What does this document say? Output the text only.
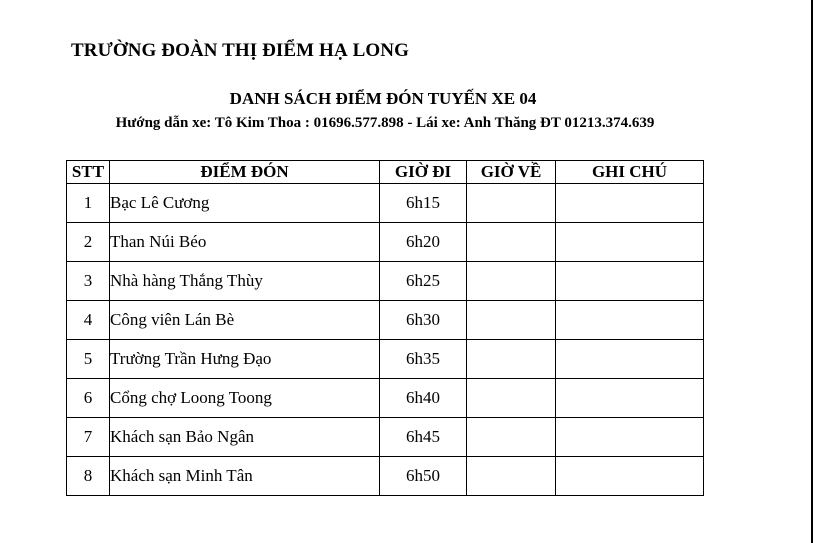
TRƯỜNG ĐOÀN THỊ ĐIỂM HẠ LONG
DANH SÁCH ĐIỂM ĐÓN TUYẾN XE 04
Hướng dẫn xe: Tô Kim Thoa : 01696.577.898 - Lái xe: Anh Thăng ĐT 01213.374.639
STT	ĐIỂM ĐÓN	GIỜ ĐI	GIỜ VỀ	GHI CHÚ
1	Bạc Lê Cương	6h15		
2	Than Núi Béo	6h20		
3	Nhà hàng Thắng Thùy	6h25		
4	Công viên Lán Bè	6h30		
5	Trường Trần Hưng Đạo	6h35		
6	Cổng chợ Loong Toong	6h40		
7	Khách sạn Bảo Ngân	6h45		
8	Khách sạn Minh Tân	6h50		
